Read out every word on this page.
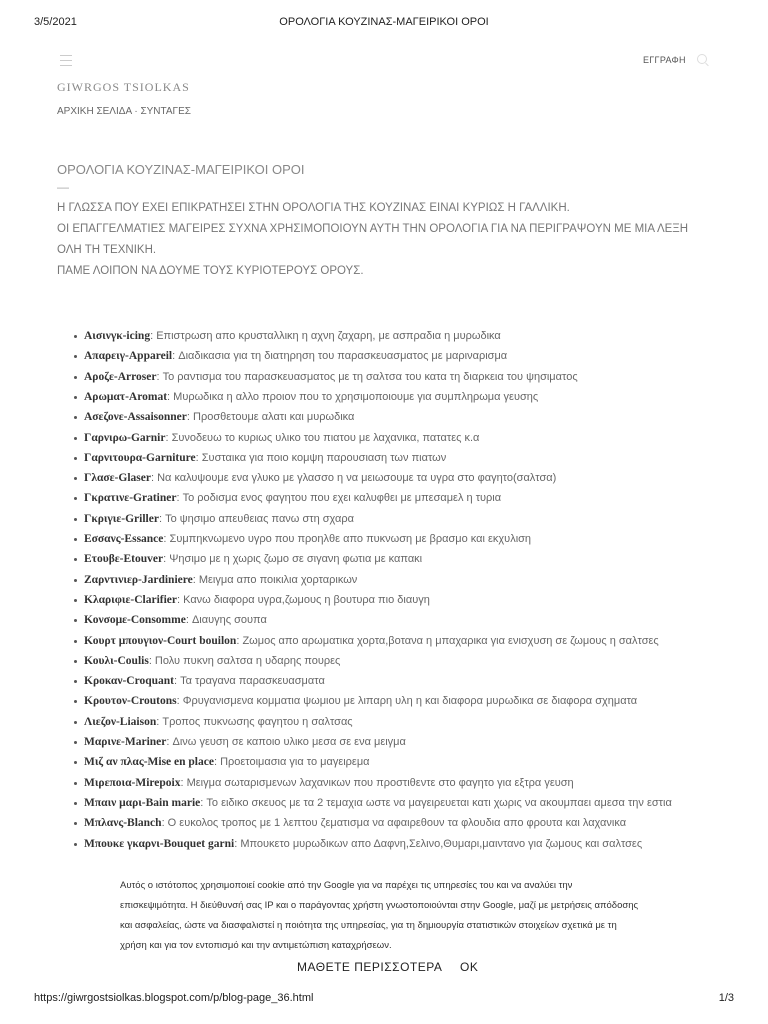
3/5/2021	ΟΡΟΛΟΓΙΑ ΚΟΥΖΙΝΑΣ-ΜΑΓΕΙΡΙΚΟΙ ΟΡΟΙ
ΕΓΓΡΑΦΗ
GIWRGOS TSIOLKAS
ΑΡΧΙΚΗ ΣΕΛΙΔΑ · ΣΥΝΤΑΓΕΣ
ΟΡΟΛΟΓΙΑ ΚΟΥΖΙΝΑΣ-ΜΑΓΕΙΡΙΚΟΙ ΟΡΟΙ
—

Η ΓΛΩΣΣΑ ΠΟΥ ΕΧΕΙ ΕΠΙΚΡΑΤΗΣΕΙ ΣΤΗΝ ΟΡΟΛΟΓΙΑ ΤΗΣ ΚΟΥΖΙΝΑΣ ΕΙΝΑΙ ΚΥΡΙΩΣ Η ΓΑΛΛΙΚΗ.

ΟΙ ΕΠΑΓΓΕΛΜΑΤΙΕΣ ΜΑΓΕΙΡΕΣ ΣΥΧΝΑ ΧΡΗΣΙΜΟΠΟΙΟΥΝ ΑΥΤΗ ΤΗΝ ΟΡΟΛΟΓΙΑ ΓΙΑ ΝΑ ΠΕΡΙΓΡΑΨΟΥΝ ΜΕ ΜΙΑ ΛΕΞΗ ΟΛΗ ΤΗ ΤΕΧΝΙΚΗ.

ΠΑΜΕ ΛΟΙΠΟΝ ΝΑ ΔΟΥΜΕ ΤΟΥΣ ΚΥΡΙΟΤΕΡΟΥΣ ΟΡΟΥΣ.

Αισινγκ-icing: Επιστρωση απο κρυσταλλικη η αχνη ζαχαρη, με ασπραδια η μυρωδικα
Απαρειγ-Appareil: Διαδικασια για τη διατηρηση του παρασκευασματος με μαριναρισμα
Αροζε-Arroser: Το ραντισμα του παρασκευασματος με τη σαλτσα του κατα τη διαρκεια του ψησιματος
Αρωματ-Aromat: Μυρωδικα η αλλο προιον που το χρησιμοποιουμε για συμπληρωμα γευσης
Ασεζονε-Assaisonner: Προσθετουμε αλατι και μυρωδικα
Γαρνιρω-Garnir: Συνοδευω το κυριως υλικο του πιατου με λαχανικα, πατατες κ.α
Γαρνιτουρα-Garniture: Συσταικα για ποιο κομψη παρουσιαση των πιατων
Γλασε-Glaser: Να καλυψουμε ενα γλυκο με γλασσο η να μειωσουμε τα υγρα στο φαγητο(σαλτσα)
Γκρατινε-Gratiner: Το ροδισμα ενος φαγητου που εχει καλυφθει με μπεσαμελ η τυρια
Γκριγιε-Griller: Το ψησιμο απευθειας πανω στη σχαρα
Εσσανς-Essance: Συμπηκνωμενο υγρο που προηλθε απο πυκνωση με βρασμο και εκχυλιση
Ετουβε-Etouver: Ψησιμο με η χωρις ζωμο σε σιγανη φωτια με καπακι
Ζαρντινιερ-Jardiniere: Μειγμα απο ποικιλια χορταρικων
Κλαριφιε-Clarifier: Κανω διαφορα υγρα,ζωμους η βουτυρα πιο διαυγη
Κονσομε-Consomme: Διαυγης σουπα
Κουρτ μπουγιον-Court bouilon: Ζωμος απο αρωματικα χορτα,βοτανα η μπαχαρικα για ενισχυση σε ζωμους η σαλτσες
Κουλι-Coulis: Πολυ πυκνη σαλτσα η υδαρης πουρες
Κροκαν-Croquant: Τα τραγανα παρασκευασματα
Κρουτον-Croutons: Φρυγανισμενα κομματια ψωμιου με λιπαρη υλη η και διαφορα μυρωδικα σε διαφορα σχηματα
Λιεζον-Liaison: Τροπος πυκνωσης φαγητου η σαλτσας
Μαρινε-Mariner: Δινω γευση σε καποιο υλικο μεσα σε ενα μειγμα
Μιζ αν πλας-Mise en place: Προετοιμασια για το μαγειρεμα
Μιρεποια-Mirepoix: Μειγμα σωταρισμενων λαχανικων που προστιθεντε στο φαγητο για εξτρα γευση
Μπαιν μαρι-Bain marie: Το ειδικο σκευος με τα 2 τεμαχια ωστε να μαγειρευεται κατι χωρις να ακουμπαει αμεσα την εστια
Μπλανς-Blanch: Ο ευκολος τροπος με 1 λεπτου ζεματισμα να αφαιρεθουν τα φλουδια απο φρουτα και λαχανικα
Μπουκε γκαρνι-Bouquet garni: Μπουκετο μυρωδικων απο Δαφνη,Σελινο,Θυμαρι,μαιντανο για ζωμους και σαλτσες
Αυτός ο ιστότοπος χρησιμοποιεί cookie από την Google για να παρέχει τις υπηρεσίες του και να αναλύει την επισκεψιμότητα. Η διεύθυνσή σας IP και ο παράγοντας χρήστη γνωστοποιούνται στην Google, μαζί με μετρήσεις απόδοσης και ασφαλείας, ώστε να διασφαλιστεί η ποιότητα της υπηρεσίας, για τη δημιουργία στατιστικών στοιχείων σχετικά με τη χρήση και για τον εντοπισμό και την αντιμετώπιση καταχρήσεων.
ΜΑΘΕΤΕ ΠΕΡΙΣΣΟΤΕΡΑ OK
https://giwrgostsiolkas.blogspot.com/p/blog-page_36.html	1/3
